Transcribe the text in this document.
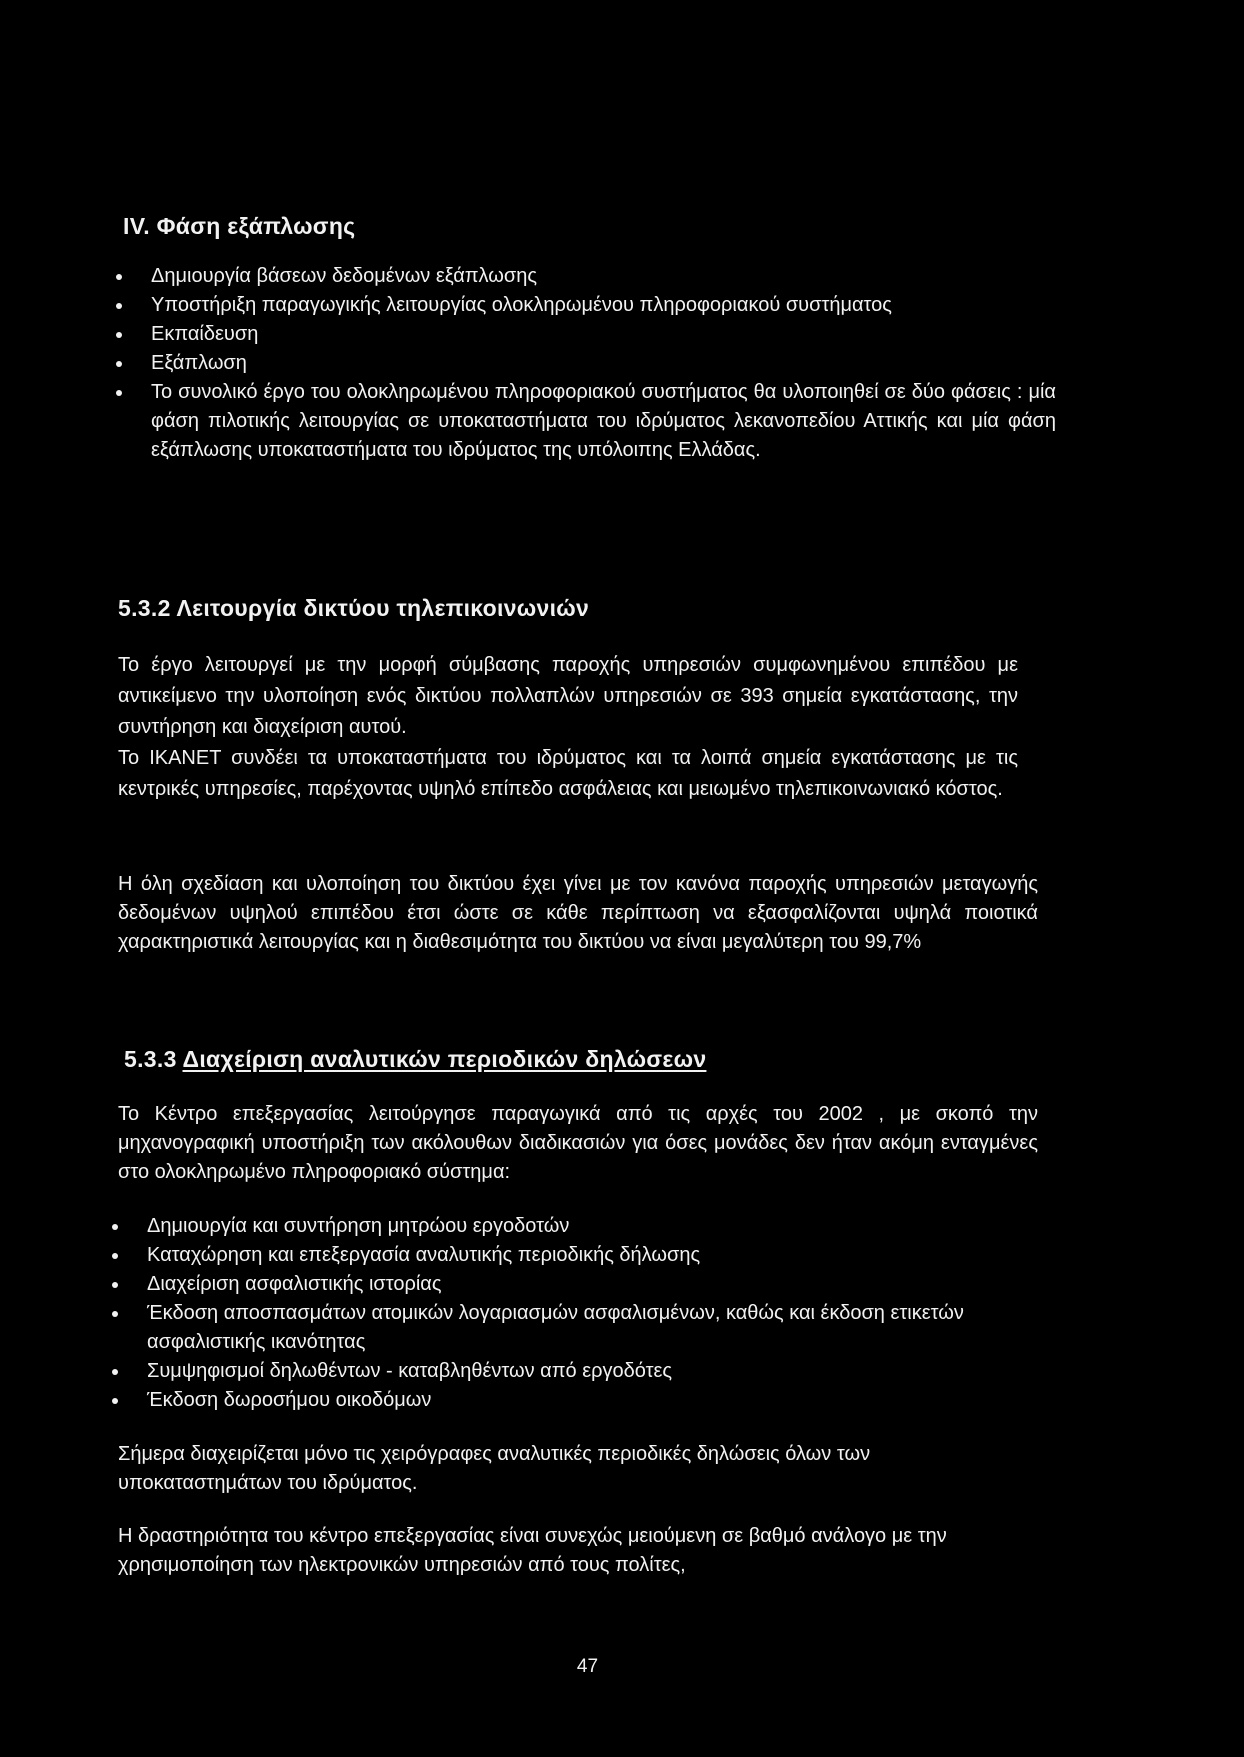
IV. Φάση εξάπλωσης
Δημιουργία βάσεων δεδομένων εξάπλωσης
Υποστήριξη παραγωγικής λειτουργίας ολοκληρωμένου πληροφοριακού συστήματος
Εκπαίδευση
Εξάπλωση
Το συνολικό έργο του ολοκληρωμένου πληροφοριακού συστήματος θα υλοποιηθεί σε δύο φάσεις : μία φάση πιλοτικής λειτουργίας σε υποκαταστήματα του ιδρύματος λεκανοπεδίου Αττικής και μία φάση εξάπλωσης υποκαταστήματα του ιδρύματος της υπόλοιπης Ελλάδας.
5.3.2 Λειτουργία δικτύου τηλεπικοινωνιών

Το έργο λειτουργεί με την μορφή σύμβασης παροχής υπηρεσιών συμφωνημένου επιπέδου με αντικείμενο την υλοποίηση ενός δικτύου πολλαπλών υπηρεσιών σε 393 σημεία εγκατάστασης, την συντήρηση και διαχείριση αυτού.

Το ΙΚΑΝΕΤ συνδέει τα υποκαταστήματα του ιδρύματος και τα λοιπά σημεία εγκατάστασης με τις κεντρικές υπηρεσίες, παρέχοντας υψηλό επίπεδο ασφάλειας και μειωμένο τηλεπικοινωνιακό κόστος.

Η όλη σχεδίαση και υλοποίηση του δικτύου έχει γίνει με τον κανόνα παροχής υπηρεσιών μεταγωγής δεδομένων υψηλού επιπέδου έτσι ώστε σε κάθε περίπτωση να εξασφαλίζονται υψηλά ποιοτικά χαρακτηριστικά λειτουργίας και η διαθεσιμότητα του δικτύου να είναι μεγαλύτερη του 99,7%

5.3.3 Διαχείριση αναλυτικών περιοδικών δηλώσεων

Το Κέντρο επεξεργασίας λειτούργησε παραγωγικά από τις αρχές του 2002 , με σκοπό την μηχανογραφική υποστήριξη των ακόλουθων διαδικασιών για όσες μονάδες δεν ήταν ακόμη ενταγμένες στο ολοκληρωμένο πληροφοριακό σύστημα:

Δημιουργία και συντήρηση μητρώου εργοδοτών
Καταχώρηση και επεξεργασία αναλυτικής περιοδικής δήλωσης
Διαχείριση ασφαλιστικής ιστορίας
Έκδοση αποσπασμάτων ατομικών λογαριασμών ασφαλισμένων, καθώς και έκδοση ετικετών ασφαλιστικής ικανότητας
Συμψηφισμοί δηλωθέντων - καταβληθέντων από εργοδότες
Έκδοση δωροσήμου οικοδόμων

Σήμερα διαχειρίζεται μόνο τις χειρόγραφες αναλυτικές περιοδικές δηλώσεις όλων των υποκαταστημάτων του ιδρύματος.

Η δραστηριότητα του κέντρο επεξεργασίας είναι συνεχώς μειούμενη σε βαθμό ανάλογο με την χρησιμοποίηση των ηλεκτρονικών υπηρεσιών από τους πολίτες,

47
